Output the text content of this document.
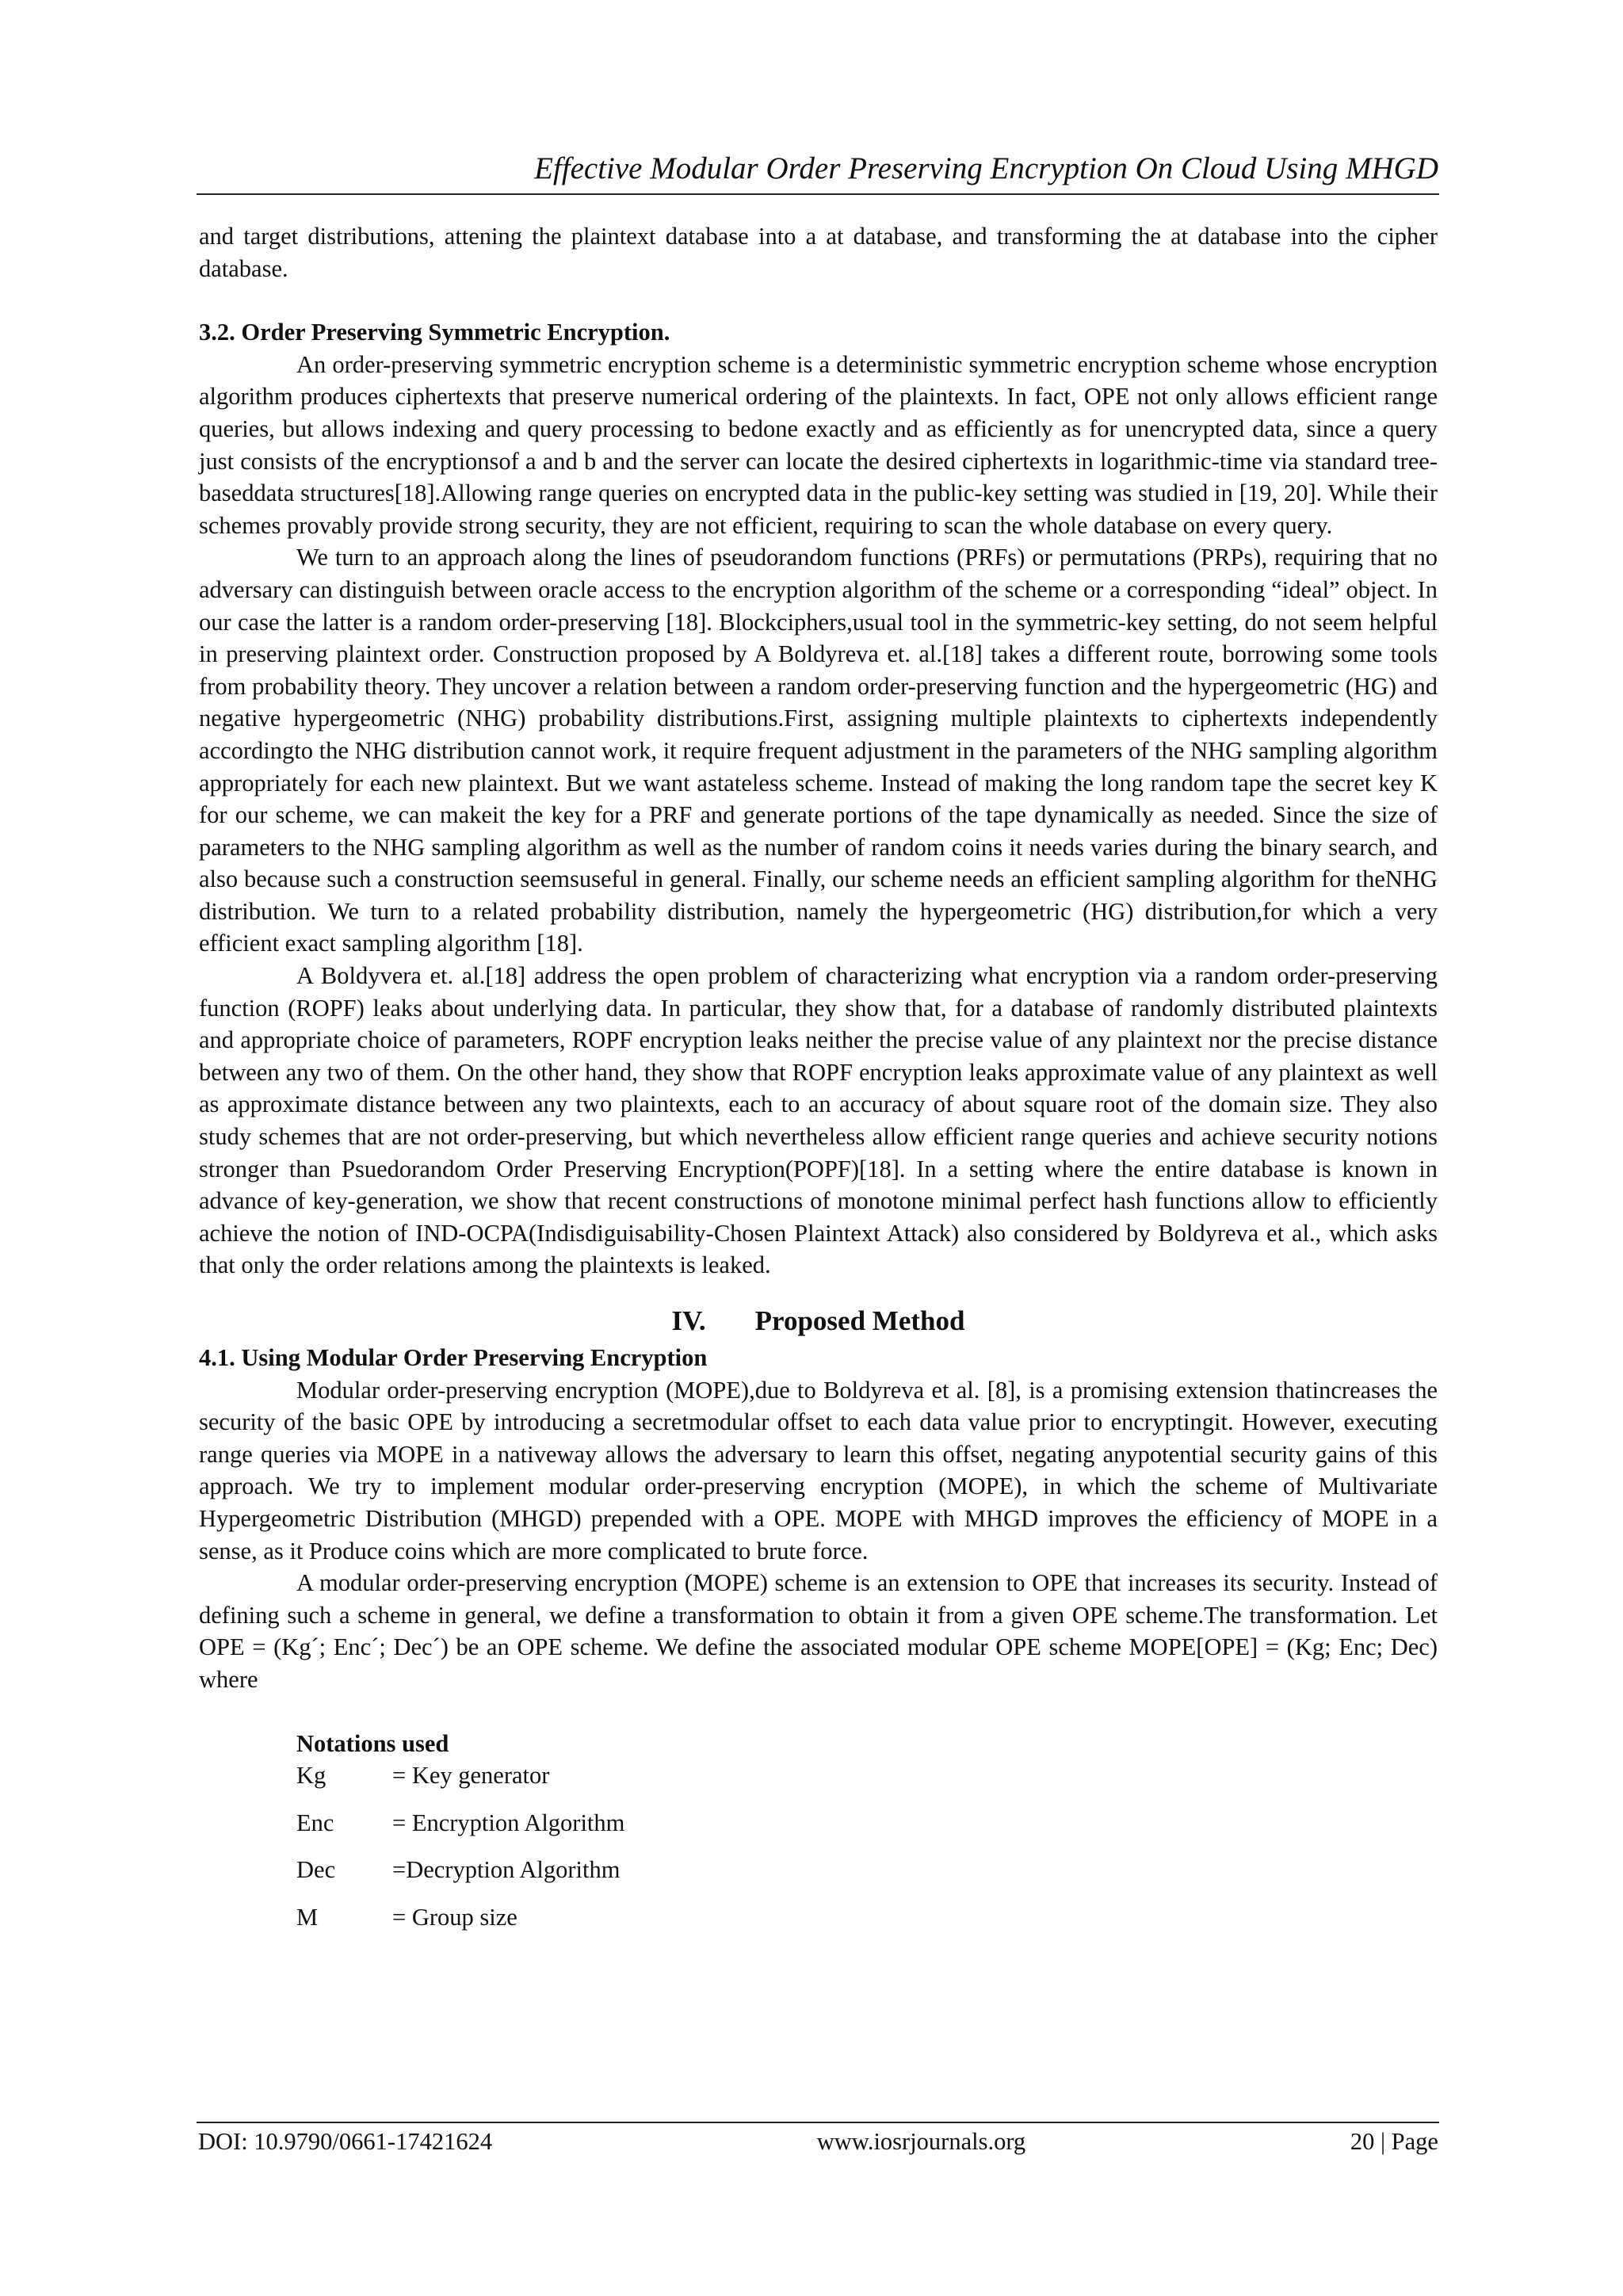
Effective Modular Order Preserving Encryption On Cloud Using MHGD

and target distributions, attening the plaintext database into a at database, and transforming the at database into the cipher database.

3.2. Order Preserving Symmetric Encryption.

An order-preserving symmetric encryption scheme is a deterministic symmetric encryption scheme whose encryption algorithm produces ciphertexts that preserve numerical ordering of the plaintexts. In fact, OPE not only allows efficient range queries, but allows indexing and query processing to bedone exactly and as efficiently as for unencrypted data, since a query just consists of the encryptionsof a and b and the server can locate the desired ciphertexts in logarithmic-time via standard tree-baseddata structures[18].Allowing range queries on encrypted data in the public-key setting was studied in [19, 20]. While their schemes provably provide strong security, they are not efficient, requiring to scan the whole database on every query.

We turn to an approach along the lines of pseudorandom functions (PRFs) or permutations (PRPs), requiring that no adversary can distinguish between oracle access to the encryption algorithm of the scheme or a corresponding “ideal” object. In our case the latter is a random order-preserving [18]. Blockciphers,usual tool in the symmetric-key setting, do not seem helpful in preserving plaintext order. Construction proposed by A Boldyreva et. al.[18] takes a different route, borrowing some tools from probability theory. They uncover a relation between a random order-preserving function and the hypergeometric (HG) and negative hypergeometric (NHG) probability distributions.First, assigning multiple plaintexts to ciphertexts independently accordingto the NHG distribution cannot work, it require frequent adjustment in the parameters of the NHG sampling algorithm appropriately for each new plaintext. But we want astateless scheme. Instead of making the long random tape the secret key K for our scheme, we can makeit the key for a PRF and generate portions of the tape dynamically as needed. Since the size of parameters to the NHG sampling algorithm as well as the number of random coins it needs varies during the binary search, and also because such a construction seemsuseful in general. Finally, our scheme needs an efficient sampling algorithm for theNHG distribution. We turn to a related probability distribution, namely the hypergeometric (HG) distribution,for which a very efficient exact sampling algorithm [18].

A Boldyvera et. al.[18] address the open problem of characterizing what encryption via a random order-preserving function (ROPF) leaks about underlying data. In particular, they show that, for a database of randomly distributed plaintexts and appropriate choice of parameters, ROPF encryption leaks neither the precise value of any plaintext nor the precise distance between any two of them. On the other hand, they show that ROPF encryption leaks approximate value of any plaintext as well as approximate distance between any two plaintexts, each to an accuracy of about square root of the domain size. They also study schemes that are not order-preserving, but which nevertheless allow efficient range queries and achieve security notions stronger than Psuedorandom Order Preserving Encryption(POPF)[18]. In a setting where the entire database is known in advance of key-generation, we show that recent constructions of monotone minimal perfect hash functions allow to efficiently achieve the notion of IND-OCPA(Indisdiguisability-Chosen Plaintext Attack) also considered by Boldyreva et al., which asks that only the order relations among the plaintexts is leaked.

IV. Proposed Method
4.1. Using Modular Order Preserving Encryption

Modular order-preserving encryption (MOPE),due to Boldyreva et al. [8], is a promising extension thatincreases the security of the basic OPE by introducing a secretmodular offset to each data value prior to encryptingit. However, executing range queries via MOPE in a nativeway allows the adversary to learn this offset, negating anypotential security gains of this approach. We try to implement modular order-preserving encryption (MOPE), in which the scheme of Multivariate Hypergeometric Distribution (MHGD) prepended with a OPE. MOPE with MHGD improves the efficiency of MOPE in a sense, as it Produce coins which are more complicated to brute force.

A modular order-preserving encryption (MOPE) scheme is an extension to OPE that increases its security. Instead of defining such a scheme in general, we define a transformation to obtain it from a given OPE scheme.The transformation. Let OPE = (Kg´; Enc´; Dec´) be an OPE scheme. We define the associated modular OPE scheme MOPE[OPE] = (Kg; Enc; Dec) where

Notations used
Kg	= Key generator
Enc	= Encryption Algorithm
Dec	=Decryption Algorithm
M	= Group size
DOI: 10.9790/0661-17421624	www.iosrjournals.org	20 | Page
